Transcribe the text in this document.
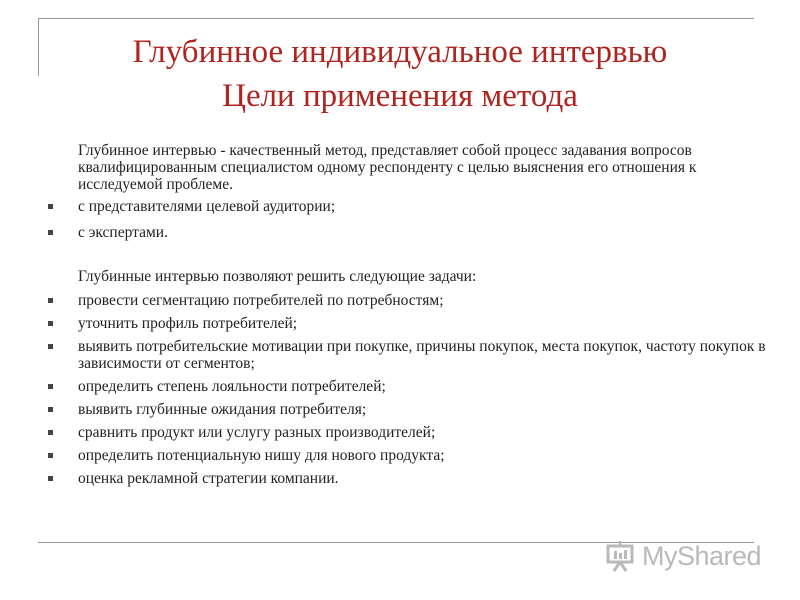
Глубинное индивидуальное интервью
Цели применения метода

Глубинное интервью - качественный метод, представляет собой процесс задавания вопросов квалифицированным специалистом одному респонденту с целью выяснения его отношения к исследуемой проблеме.

с представителями целевой аудитории;
с экспертами.

Глубинные интервью позволяют решить следующие задачи:

провести сегментацию потребителей по потребностям;
уточнить профиль потребителей;
выявить потребительские мотивации при покупке, причины покупок, места покупок, частоту покупок в зависимости от сегментов;
определить степень лояльности потребителей;
выявить глубинные ожидания потребителя;
сравнить продукт или услугу разных производителей;
определить потенциальную нишу для нового продукта;
оценка рекламной стратегии компании.
MyShared
